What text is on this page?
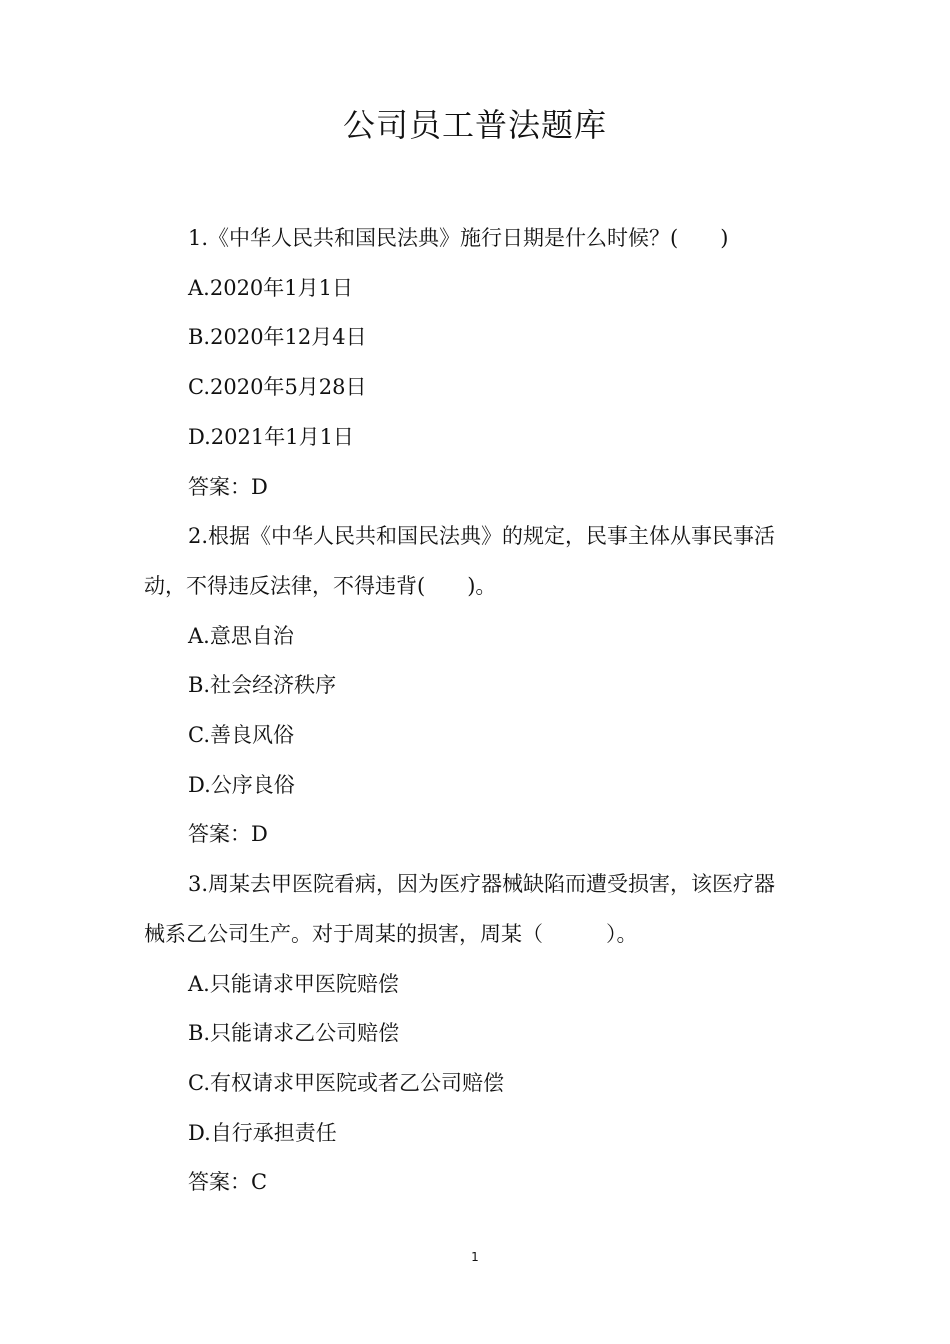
公司员工普法题库

1.《中华人民共和国民法典》施行日期是什么时候？(　　)

A.2020年1月1日

B.2020年12月4日

C.2020年5月28日

D.2021年1月1日

答案：D

2.根据《中华人民共和国民法典》的规定，民事主体从事民事活

动，不得违反法律，不得违背(　　)。

A.意思自治

B.社会经济秩序

C.善良风俗

D.公序良俗

答案：D

3.周某去甲医院看病，因为医疗器械缺陷而遭受损害，该医疗器

械系乙公司生产。对于周某的损害，周某（　　　）。

A.只能请求甲医院赔偿

B.只能请求乙公司赔偿

C.有权请求甲医院或者乙公司赔偿

D.自行承担责任

答案：C

1
